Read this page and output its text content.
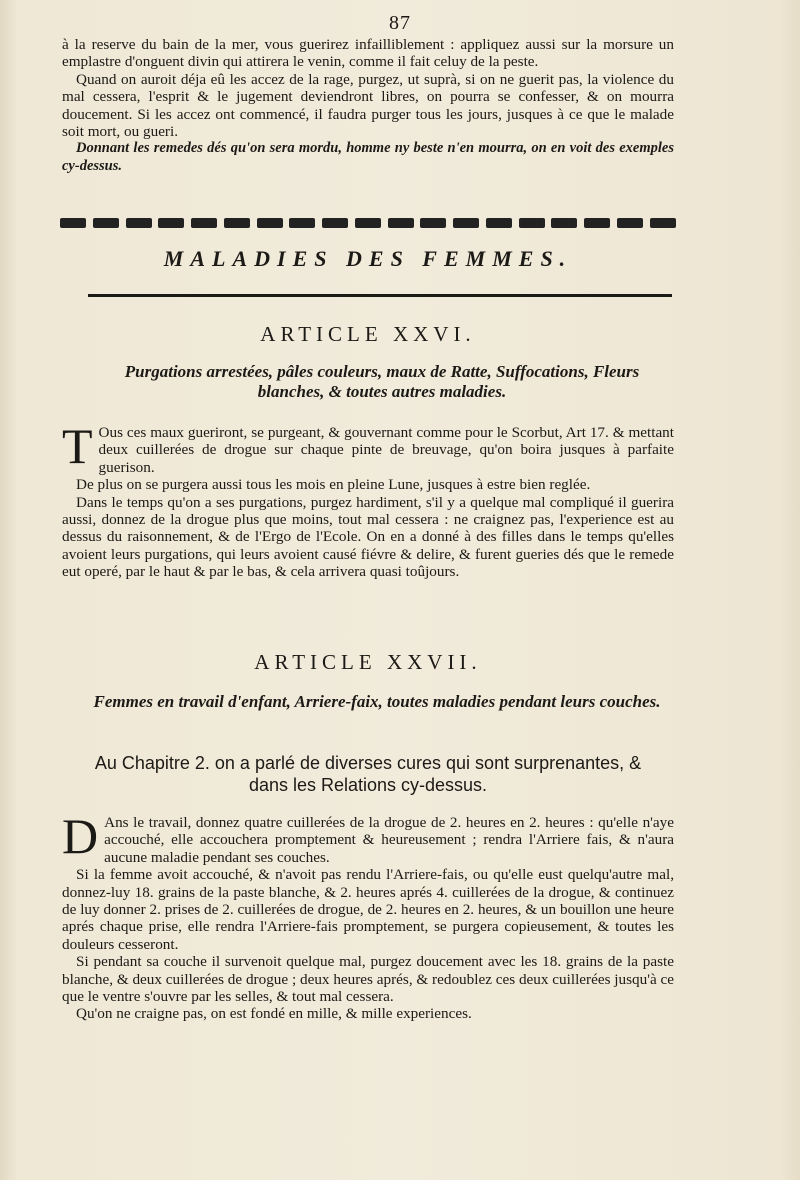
87

à la reserve du bain de la mer, vous guerirez infailliblement : appliquez aussi sur la morsure un emplastre d'onguent divin qui attirera le venin, comme il fait celuy de la peste.

Quand on auroit déja eû les accez de la rage, purgez, ut suprà, si on ne guerit pas, la violence du mal cessera, l'esprit & le jugement deviendront libres, on pourra se confesser, & on mourra doucement. Si les accez ont commencé, il faudra purger tous les jours, jusques à ce que le malade soit mort, ou gueri.

Donnant les remedes dés qu'on sera mordu, homme ny beste n'en mourra, on en voit des exemples cy-dessus.

MALADIES DES FEMMES.
ARTICLE XXVI.
Purgations arrestées, pâles couleurs, maux de Ratte, Suffocations, Fleurs blanches, & toutes autres maladies.

T Ous ces maux gueriront, se purgeant, & gouvernant comme pour le Scorbut, Art 17. & mettant deux cuillerées de drogue sur chaque pinte de breuvage, qu'on boira jusques à parfaite guerison.

De plus on se purgera aussi tous les mois en pleine Lune, jusques à estre bien reglée.

Dans le temps qu'on a ses purgations, purgez hardiment, s'il y a quelque mal compliqué il guerira aussi, donnez de la drogue plus que moins, tout mal cessera : ne craignez pas, l'experience est au dessus du raisonnement, & de l'Ergo de l'Ecole. On en a donné à des filles dans le temps qu'elles avoient leurs purgations, qui leurs avoient causé fiévre & delire, & furent gueries dés que le remede eut operé, par le haut & par le bas, & cela arrivera quasi toûjours.

ARTICLE XXVII.
Femmes en travail d'enfant, Arriere-faix, toutes maladies pendant leurs couches.
Au Chapitre 2. on a parlé de diverses cures qui sont surprenantes, & dans les Relations cy-dessus.

D Ans le travail, donnez quatre cuillerées de la drogue de 2. heures en 2. heures : qu'elle n'aye accouché, elle accouchera promptement & heureusement ; rendra l'Arriere fais, & n'aura aucune maladie pendant ses couches.

Si la femme avoit accouché, & n'avoit pas rendu l'Arriere-fais, ou qu'elle eust quelqu'autre mal, donnez-luy 18. grains de la paste blanche, & 2. heures aprés 4. cuillerées de la drogue, & continuez de luy donner 2. prises de 2. cuillerées de drogue, de 2. heures en 2. heures, & un bouillon une heure aprés chaque prise, elle rendra l'Arriere-fais promptement, se purgera copieusement, & toutes les douleurs cesseront.

Si pendant sa couche il survenoit quelque mal, purgez doucement avec les 18. grains de la paste blanche, & deux cuillerées de drogue ; deux heures aprés, & redoublez ces deux cuillerées jusqu'à ce que le ventre s'ouvre par les selles, & tout mal cessera.

Qu'on ne craigne pas, on est fondé en mille, & mille experiences.
